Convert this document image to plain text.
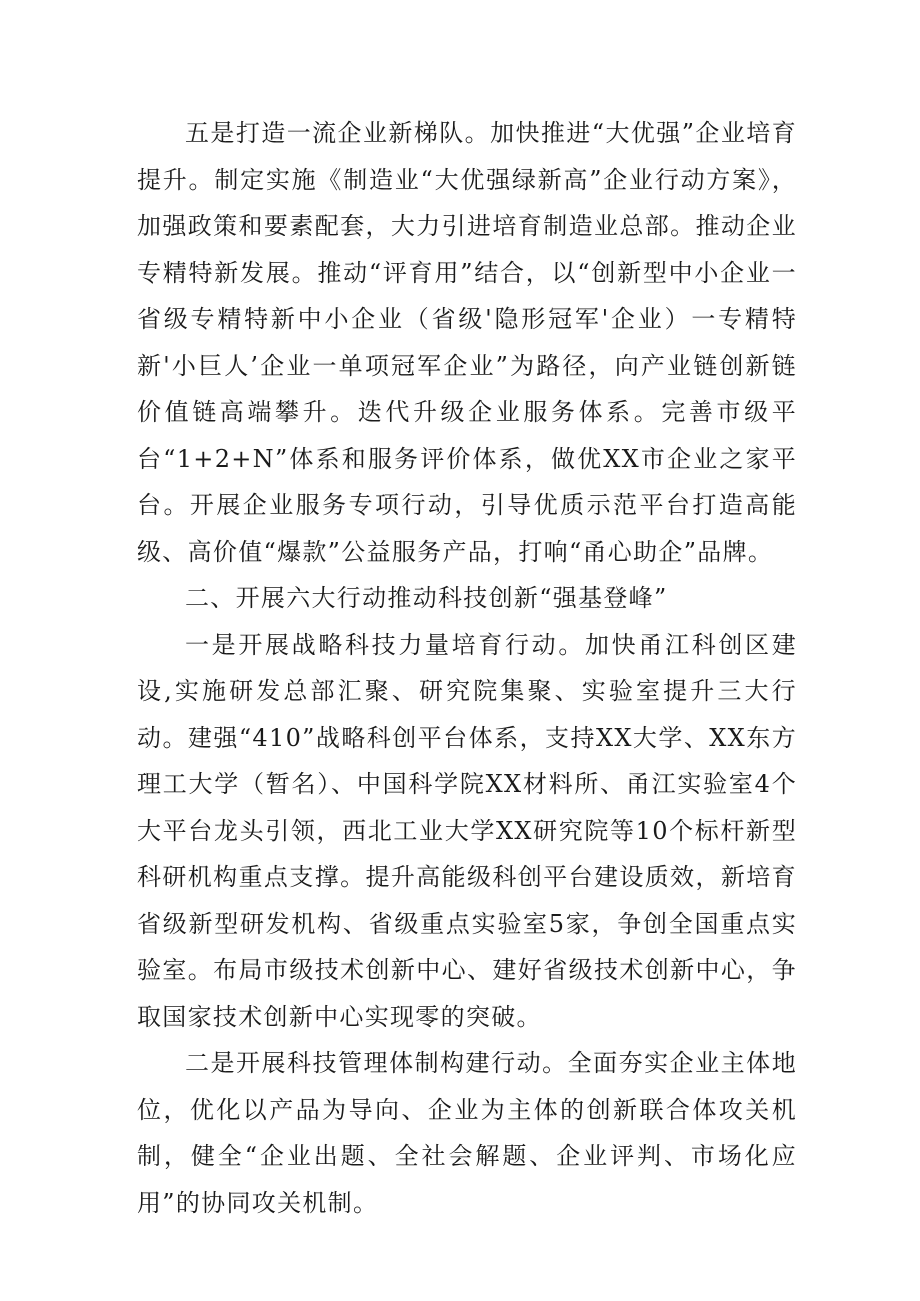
五是打造一流企业新梯队。加快推进“大优强”企业培育提升。制定实施《制造业“大优强绿新高”企业行动方案》，加强政策和要素配套，大力引进培育制造业总部。推动企业专精特新发展。推动“评育用”结合，以“创新型中小企业一省级专精特新中小企业（省级'隐形冠军'企业）一专精特新'小巨人’企业一单项冠军企业”为路径，向产业链创新链价值链高端攀升。迭代升级企业服务体系。完善市级平台“1+2+N”体系和服务评价体系，做优XX市企业之家平台。开展企业服务专项行动，引导优质示范平台打造高能级、高价值“爆款”公益服务产品，打响“甬心助企”品牌。

二、开展六大行动推动科技创新“强基登峰”

一是开展战略科技力量培育行动。加快甬江科创区建设,实施研发总部汇聚、研究院集聚、实验室提升三大行动。建强“410”战略科创平台体系，支持XX大学、XX东方理工大学（暂名）、中国科学院XX材料所、甬江实验室4个大平台龙头引领，西北工业大学XX研究院等10个标杆新型科研机构重点支撑。提升高能级科创平台建设质效，新培育省级新型研发机构、省级重点实验室5家，争创全国重点实验室。布局市级技术创新中心、建好省级技术创新中心，争取国家技术创新中心实现零的突破。

二是开展科技管理体制构建行动。全面夯实企业主体地位，优化以产品为导向、企业为主体的创新联合体攻关机制，健全“企业出题、全社会解题、企业评判、市场化应用”的协同攻关机制。
